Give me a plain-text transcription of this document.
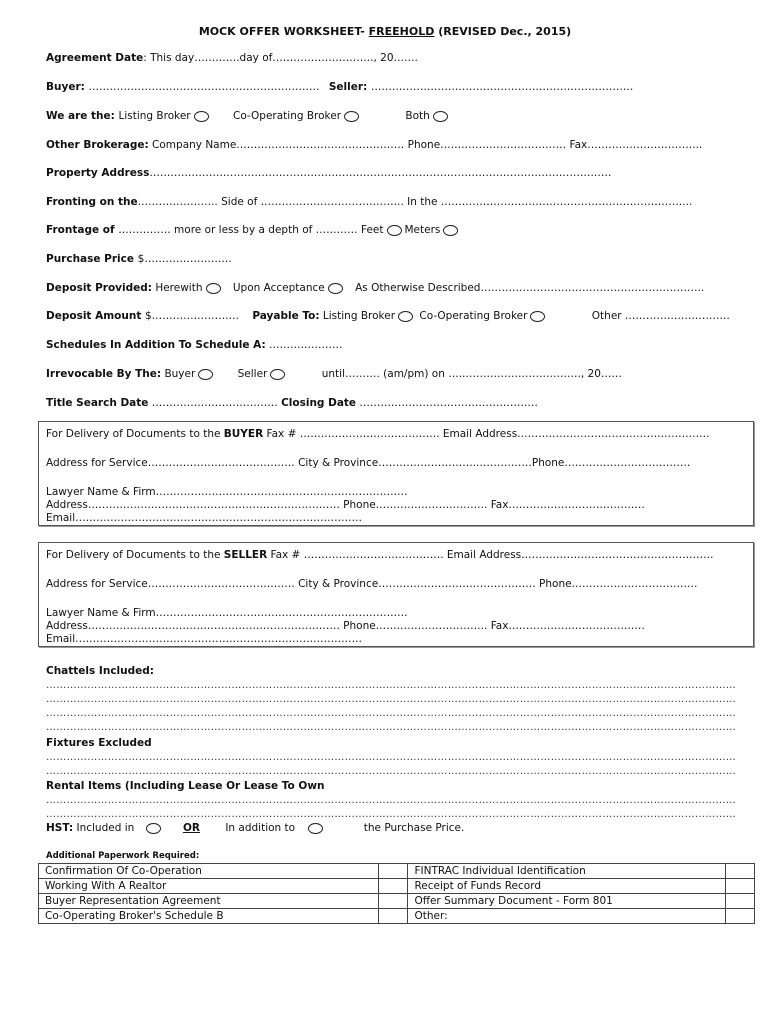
MOCK OFFER WORKSHEET- FREEHOLD (REVISED Dec., 2015)
Agreement Date: This day………….day of……………………….., 20…….
Buyer: ………………………………………………………… Seller: …………………………………………………………………
We are the: Listing Broker	Co-Operating Broker	Both
Other Brokerage: Company Name………………………………………… Phone……………………………… Fax…………………………...
Property Address……………………………………………………………………………………………………………………
Fronting on the………………….. Side of ………………………………….. In the ……………………………………………………………...
Frontage of …………… more or less by a depth of ………… Feet Meters
Purchase Price $…………………….
Deposit Provided: Herewith	Upon Acceptance	As Otherwise Described……………………………………………………….
Deposit Amount $……………………. Payable To: Listing Broker Co-Operating Broker	Other …………………………
Schedules In Addition To Schedule A: …………………
Irrevocable By The: Buyer	Seller	until………. (am/pm) on ….……………………………., 20……
Title Search Date ……………………………… Closing Date ……………………………………………
For Delivery of Documents to the BUYER Fax # …………………………………. Email Address……………………………………………….
Address for Service…………………………………… City & Province………………………..……………Phone………………………………
Lawyer Name & Firm………………………………………………………………
Address……………………………………………………………… Phone………………………….. Fax…………………………………
Email……………………………………………………………………….
For Delivery of Documents to the SELLER Fax # …………………………………. Email Address……………………………………………….
Address for Service…………………………………… City & Province……………………………………… Phone………………………………
Lawyer Name & Firm………………………………………………………………
Address……………………………………………………………… Phone………………………….. Fax…………………………………
Email……………………………………………………………………….
Chattels Included:
…………………………………………………………………………………………………………………………………………………………………………………
…………………………………………………………………………………………………………………………………………………………………………………
…………………………………………………………………………………………………………………………………………………………………………………
…………………………………………………………………………………………………………………………………………………………………………………
Fixtures Excluded
…………………………………………………………………………………………………………………………………………………………………………………
…………………………………………………………………………………………………………………………………………………………………………………
Rental Items (Including Lease Or Lease To Own
…………………………………………………………………………………………………………………………………………………………………………………
…………………………………………………………………………………………………………………………………………………………………………………
HST: Included in	OR In addition to	the Purchase Price.
Additional Paperwork Required:
Confirmation Of Co-Operation		FINTRAC Individual Identification	
Working With A Realtor		Receipt of Funds Record	
Buyer Representation Agreement		Offer Summary Document - Form 801	
Co-Operating Broker's Schedule B		Other:	
